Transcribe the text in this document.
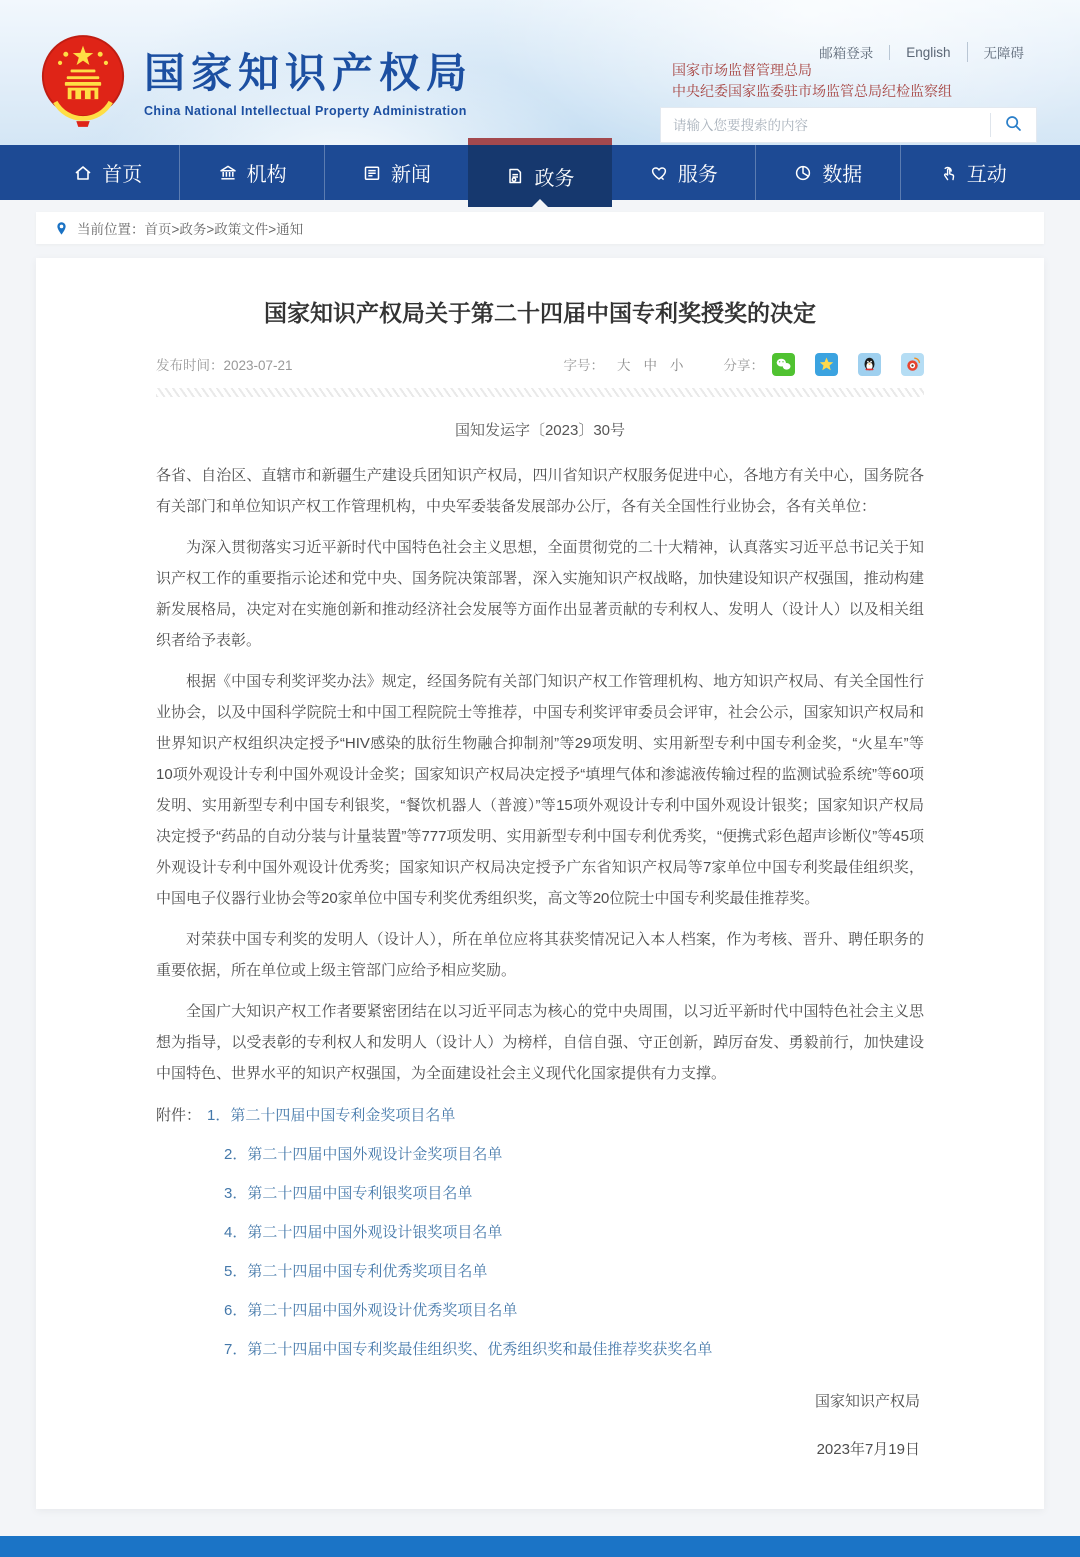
国家知识产权局
China National Intellectual Property Administration
邮箱登录	English	无障碍
国家市场监督管理总局
中央纪委国家监委驻市场监管总局纪检监察组
请输入您要搜索的内容
首页	机构	新闻	政务	服务	数据	互动
当前位置： 首页>政务>政策文件>通知
国家知识产权局关于第二十四届中国专利奖授奖的决定
发布时间：2023-07-21	字号： 大 中 小	分享：
国知发运字〔2023〕30号

各省、自治区、直辖市和新疆生产建设兵团知识产权局，四川省知识产权服务促进中心，各地方有关中心，国务院各有关部门和单位知识产权工作管理机构，中央军委装备发展部办公厅，各有关全国性行业协会，各有关单位：

为深入贯彻落实习近平新时代中国特色社会主义思想，全面贯彻党的二十大精神，认真落实习近平总书记关于知识产权工作的重要指示论述和党中央、国务院决策部署，深入实施知识产权战略，加快建设知识产权强国，推动构建新发展格局，决定对在实施创新和推动经济社会发展等方面作出显著贡献的专利权人、发明人（设计人）以及相关组织者给予表彰。

根据《中国专利奖评奖办法》规定，经国务院有关部门知识产权工作管理机构、地方知识产权局、有关全国性行业协会，以及中国科学院院士和中国工程院院士等推荐，中国专利奖评审委员会评审，社会公示，国家知识产权局和世界知识产权组织决定授予“HIV感染的肽衍生物融合抑制剂”等29项发明、实用新型专利中国专利金奖，“火星车”等10项外观设计专利中国外观设计金奖；国家知识产权局决定授予“填埋气体和渗滤液传输过程的监测试验系统”等60项发明、实用新型专利中国专利银奖，“餐饮机器人（普渡）”等15项外观设计专利中国外观设计银奖；国家知识产权局决定授予“药品的自动分装与计量装置”等777项发明、实用新型专利中国专利优秀奖，“便携式彩色超声诊断仪”等45项外观设计专利中国外观设计优秀奖；国家知识产权局决定授予广东省知识产权局等7家单位中国专利奖最佳组织奖，中国电子仪器行业协会等20家单位中国专利奖优秀组织奖，高文等20位院士中国专利奖最佳推荐奖。

对荣获中国专利奖的发明人（设计人），所在单位应将其获奖情况记入本人档案，作为考核、晋升、聘任职务的重要依据，所在单位或上级主管部门应给予相应奖励。

全国广大知识产权工作者要紧密团结在以习近平同志为核心的党中央周围，以习近平新时代中国特色社会主义思想为指导，以受表彰的专利权人和发明人（设计人）为榜样，自信自强、守正创新，踔厉奋发、勇毅前行，加快建设中国特色、世界水平的知识产权强国，为全面建设社会主义现代化国家提供有力支撑。

附件： 1．第二十四届中国专利金奖项目名单
2．第二十四届中国外观设计金奖项目名单
3．第二十四届中国专利银奖项目名单
4．第二十四届中国外观设计银奖项目名单
5．第二十四届中国专利优秀奖项目名单
6．第二十四届中国外观设计优秀奖项目名单
7．第二十四届中国专利奖最佳组织奖、优秀组织奖和最佳推荐奖获奖名单
国家知识产权局
2023年7月19日
